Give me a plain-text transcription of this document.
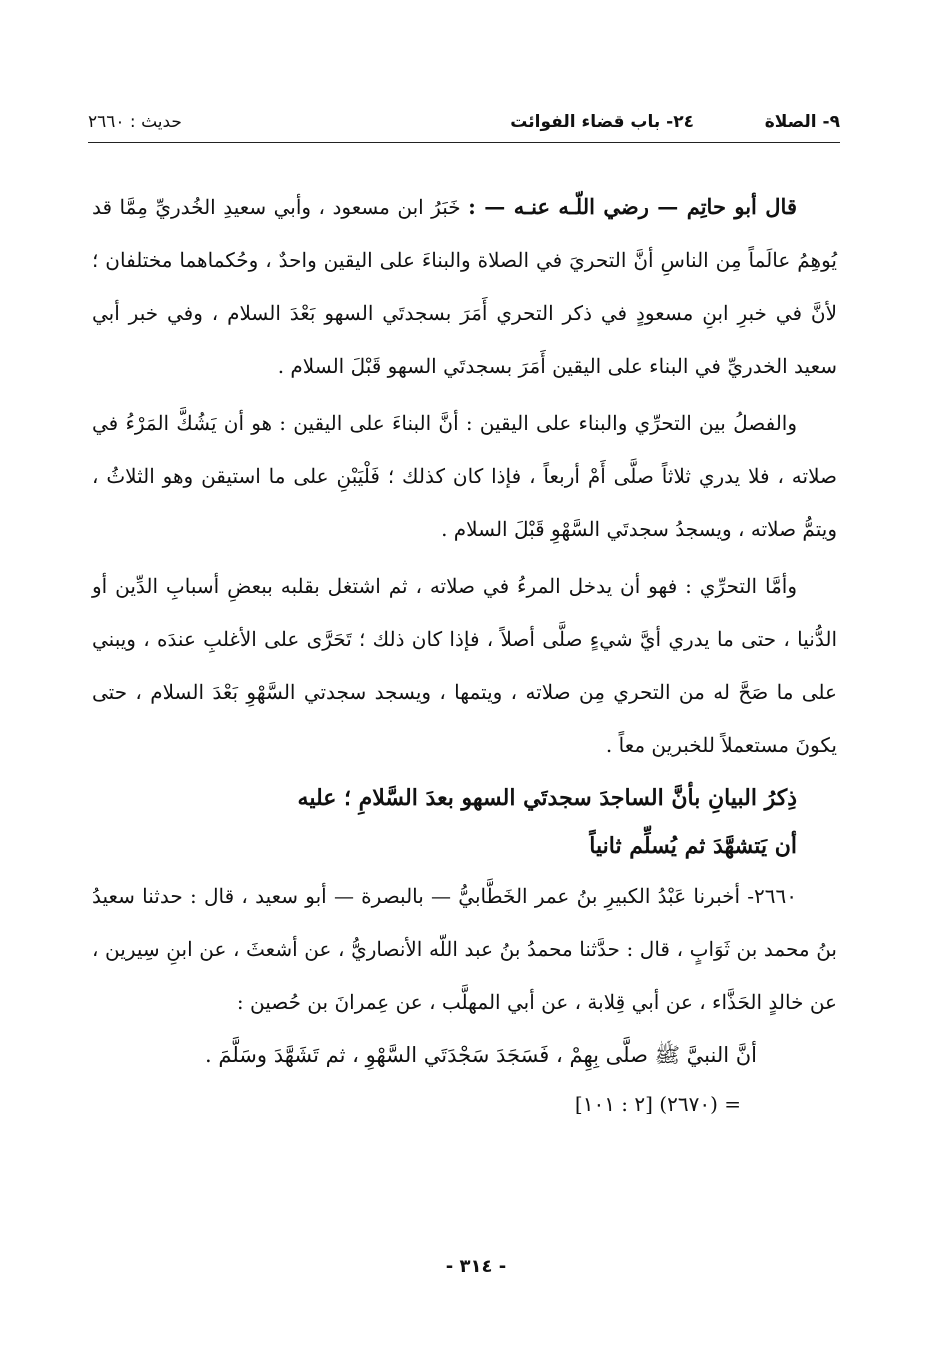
٩- الصلاة
٢٤- باب قضاء الفوائت
حديث : ٢٦٦٠

قال أبو حاتِم — رضي اللّـه عنـه — : خَبَرُ ابن مسعود ، وأبي سعيدِ الخُدريِّ مِمَّا قد يُوهِمُ عالَماً مِن الناسِ أنَّ التحريَ في الصلاة والبناءَ على اليقين واحدٌ ، وحُكماهما مختلفان ؛ لأنَّ في خبرِ ابنِ مسعودٍ في ذكر التحري أَمَرَ بسجدتَي السهو بَعْدَ السلام ، وفي خبر أبي سعيد الخدريِّ في البناء على اليقين أَمَرَ بسجدتَي السهو قَبْلَ السلام .

والفصلُ بين التحرِّي والبناء على اليقين : أنَّ البناءَ على اليقين : هو أن يَشُكَّ المَرْءُ في صلاته ، فلا يدري ثلاثاً صلَّى أَمْ أربعاً ، فإذا كان كذلك ؛ فَلْيَبْنِ على ما استيقن وهو الثلاثُ ، ويتمُّ صلاته ، ويسجدُ سجدتَي السَّهْوِ قَبْلَ السلام .

وأمَّا التحرِّي : فهو أن يدخل المرءُ في صلاته ، ثم اشتغل بقلبه ببعضِ أسبابِ الدِّين أو الدُّنيا ، حتى ما يدري أيَّ شيءٍ صلَّى أصلاً ، فإذا كان ذلك ؛ تَحَرَّى على الأغلبِ عندَه ، ويبني على ما صَحَّ له من التحري مِن صلاته ، ويتمها ، ويسجد سجدتي السَّهْوِ بَعْدَ السلام ، حتى يكونَ مستعملاً للخبرين معاً .

ذِكرُ البيانِ بأنَّ الساجدَ سجدتَي السهو بعدَ السَّلامِ ؛ عليه

أن يَتشهَّدَ ثم يُسلِّم ثانياً

٢٦٦٠- أخبرنا عَبْدُ الكبيرِ بنُ عمر الخَطَّابيُّ — بالبصرة — أبو سعيد ، قال : حدثنا سعيدُ بنُ محمد بن ثَوَابٍ ، قال : حدَّثنا محمدُ بنُ عبد اللّه الأنصاريُّ ، عن أشعثَ ، عن ابنِ سِيرين ، عن خالدٍ الحَذَّاء ، عن أبي قِلابة ، عن أبي المهلَّب ، عن عِمرانَ بن حُصين :

أنَّ النبيَّ ﷺ صلَّى بِهِمْ ، فَسَجَدَ سَجْدَتَي السَّهْوِ ، ثم تَشَهَّدَ وسَلَّمَ .

= (٢٦٧٠) [٢ : ١٠١]

- ٣١٤ -
